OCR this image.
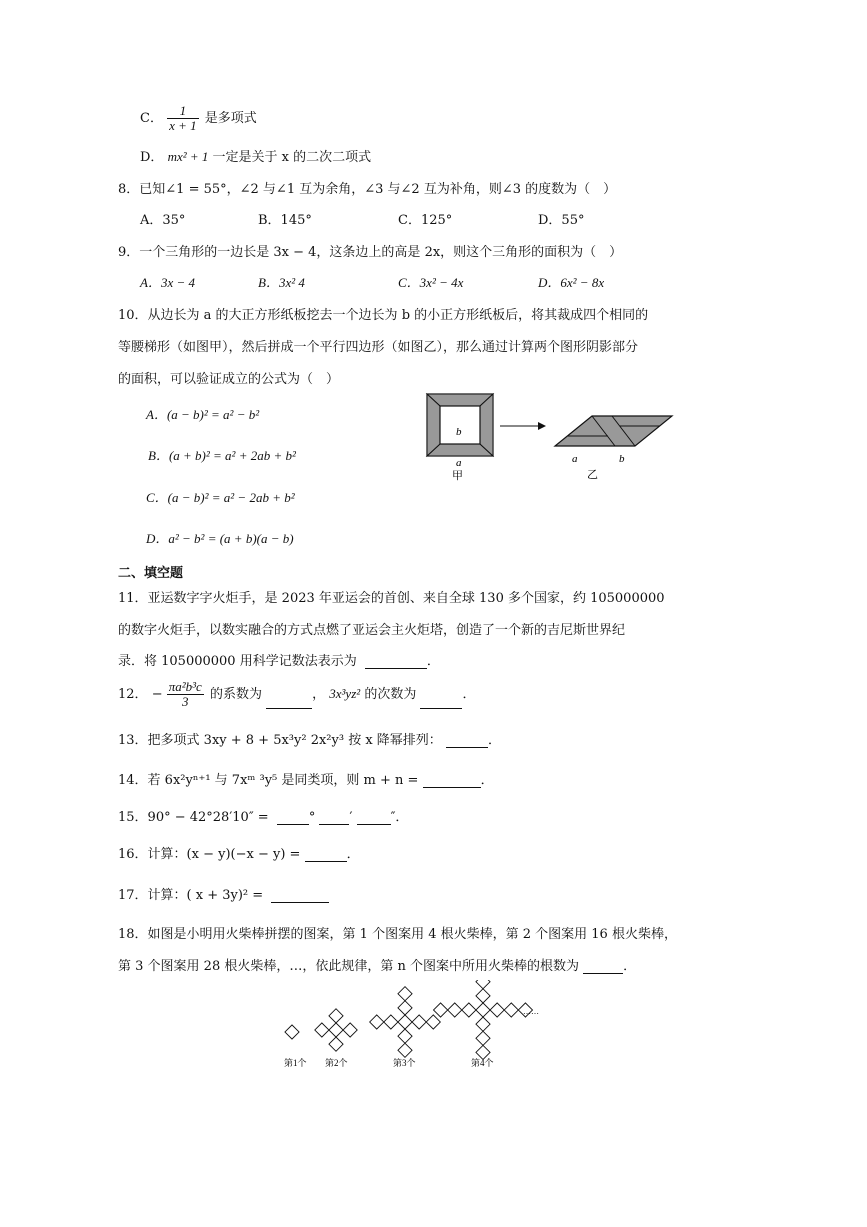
C． $\frac{1}{x + 1}$ 是多项式
D． mx² + 1 一定是关于 x 的二次二项式
8．已知∠1 = 55°，∠2 与∠1 互为余角，∠3 与∠2 互为补角，则∠3 的度数为（　）
A．35°	B．145°	C．125°	D．55°
9．一个三角形的一边长是 3x − 4，这条边上的高是 2x，则这个三角形的面积为（　）
A．3x − 4	B．3x² 4	C．3x² − 4x	D．6x² − 8x
10．从边长为 a 的大正方形纸板挖去一个边长为 b 的小正方形纸板后，将其裁成四个相同的
等腰梯形（如图甲），然后拼成一个平行四边形（如图乙），那么通过计算两个图形阴影部分
的面积，可以验证成立的公式为（　）
A．(a − b)² = a² − b²
B．(a + b)² = a² + 2ab + b²
C．(a − b)² = a² − 2ab + b²
D．a² − b² = (a + b)(a − b)
b
a
甲
a	b
乙
二、填空题
11．亚运数字字火炬手，是 2023 年亚运会的首创、来自全球 130 多个国家，约 105000000
的数字火炬手，以数实融合的方式点燃了亚运会主火炬塔，创造了一个新的吉尼斯世界纪
录．将 105000000 用科学记数法表示为	．
12． − $\frac{\text{πa²b³c}}{3}$ 的系数为	， 3x³yz² 的次数为	．
13．把多项式 3xy + 8 + 5x³y² 2x²y³ 按 x 降幂排列：	．
14．若 6x²yⁿ⁺¹ 与 7xᵐ ³y⁵ 是同类项，则 m + n =	．
15．90° − 42°28′10″ =	°	′	″．
16．计算：(x − y)(−x − y) =	．
17．计算：( x + 3y)² =
18．如图是小明用火柴棒拼摆的图案，第 1 个图案用 4 根火柴棒，第 2 个图案用 16 根火柴棒，
第 3 个图案用 28 根火柴棒，…，依此规律，第 n 个图案中所用火柴棒的根数为	．
第1个 第2个	第3个	第4个
……
